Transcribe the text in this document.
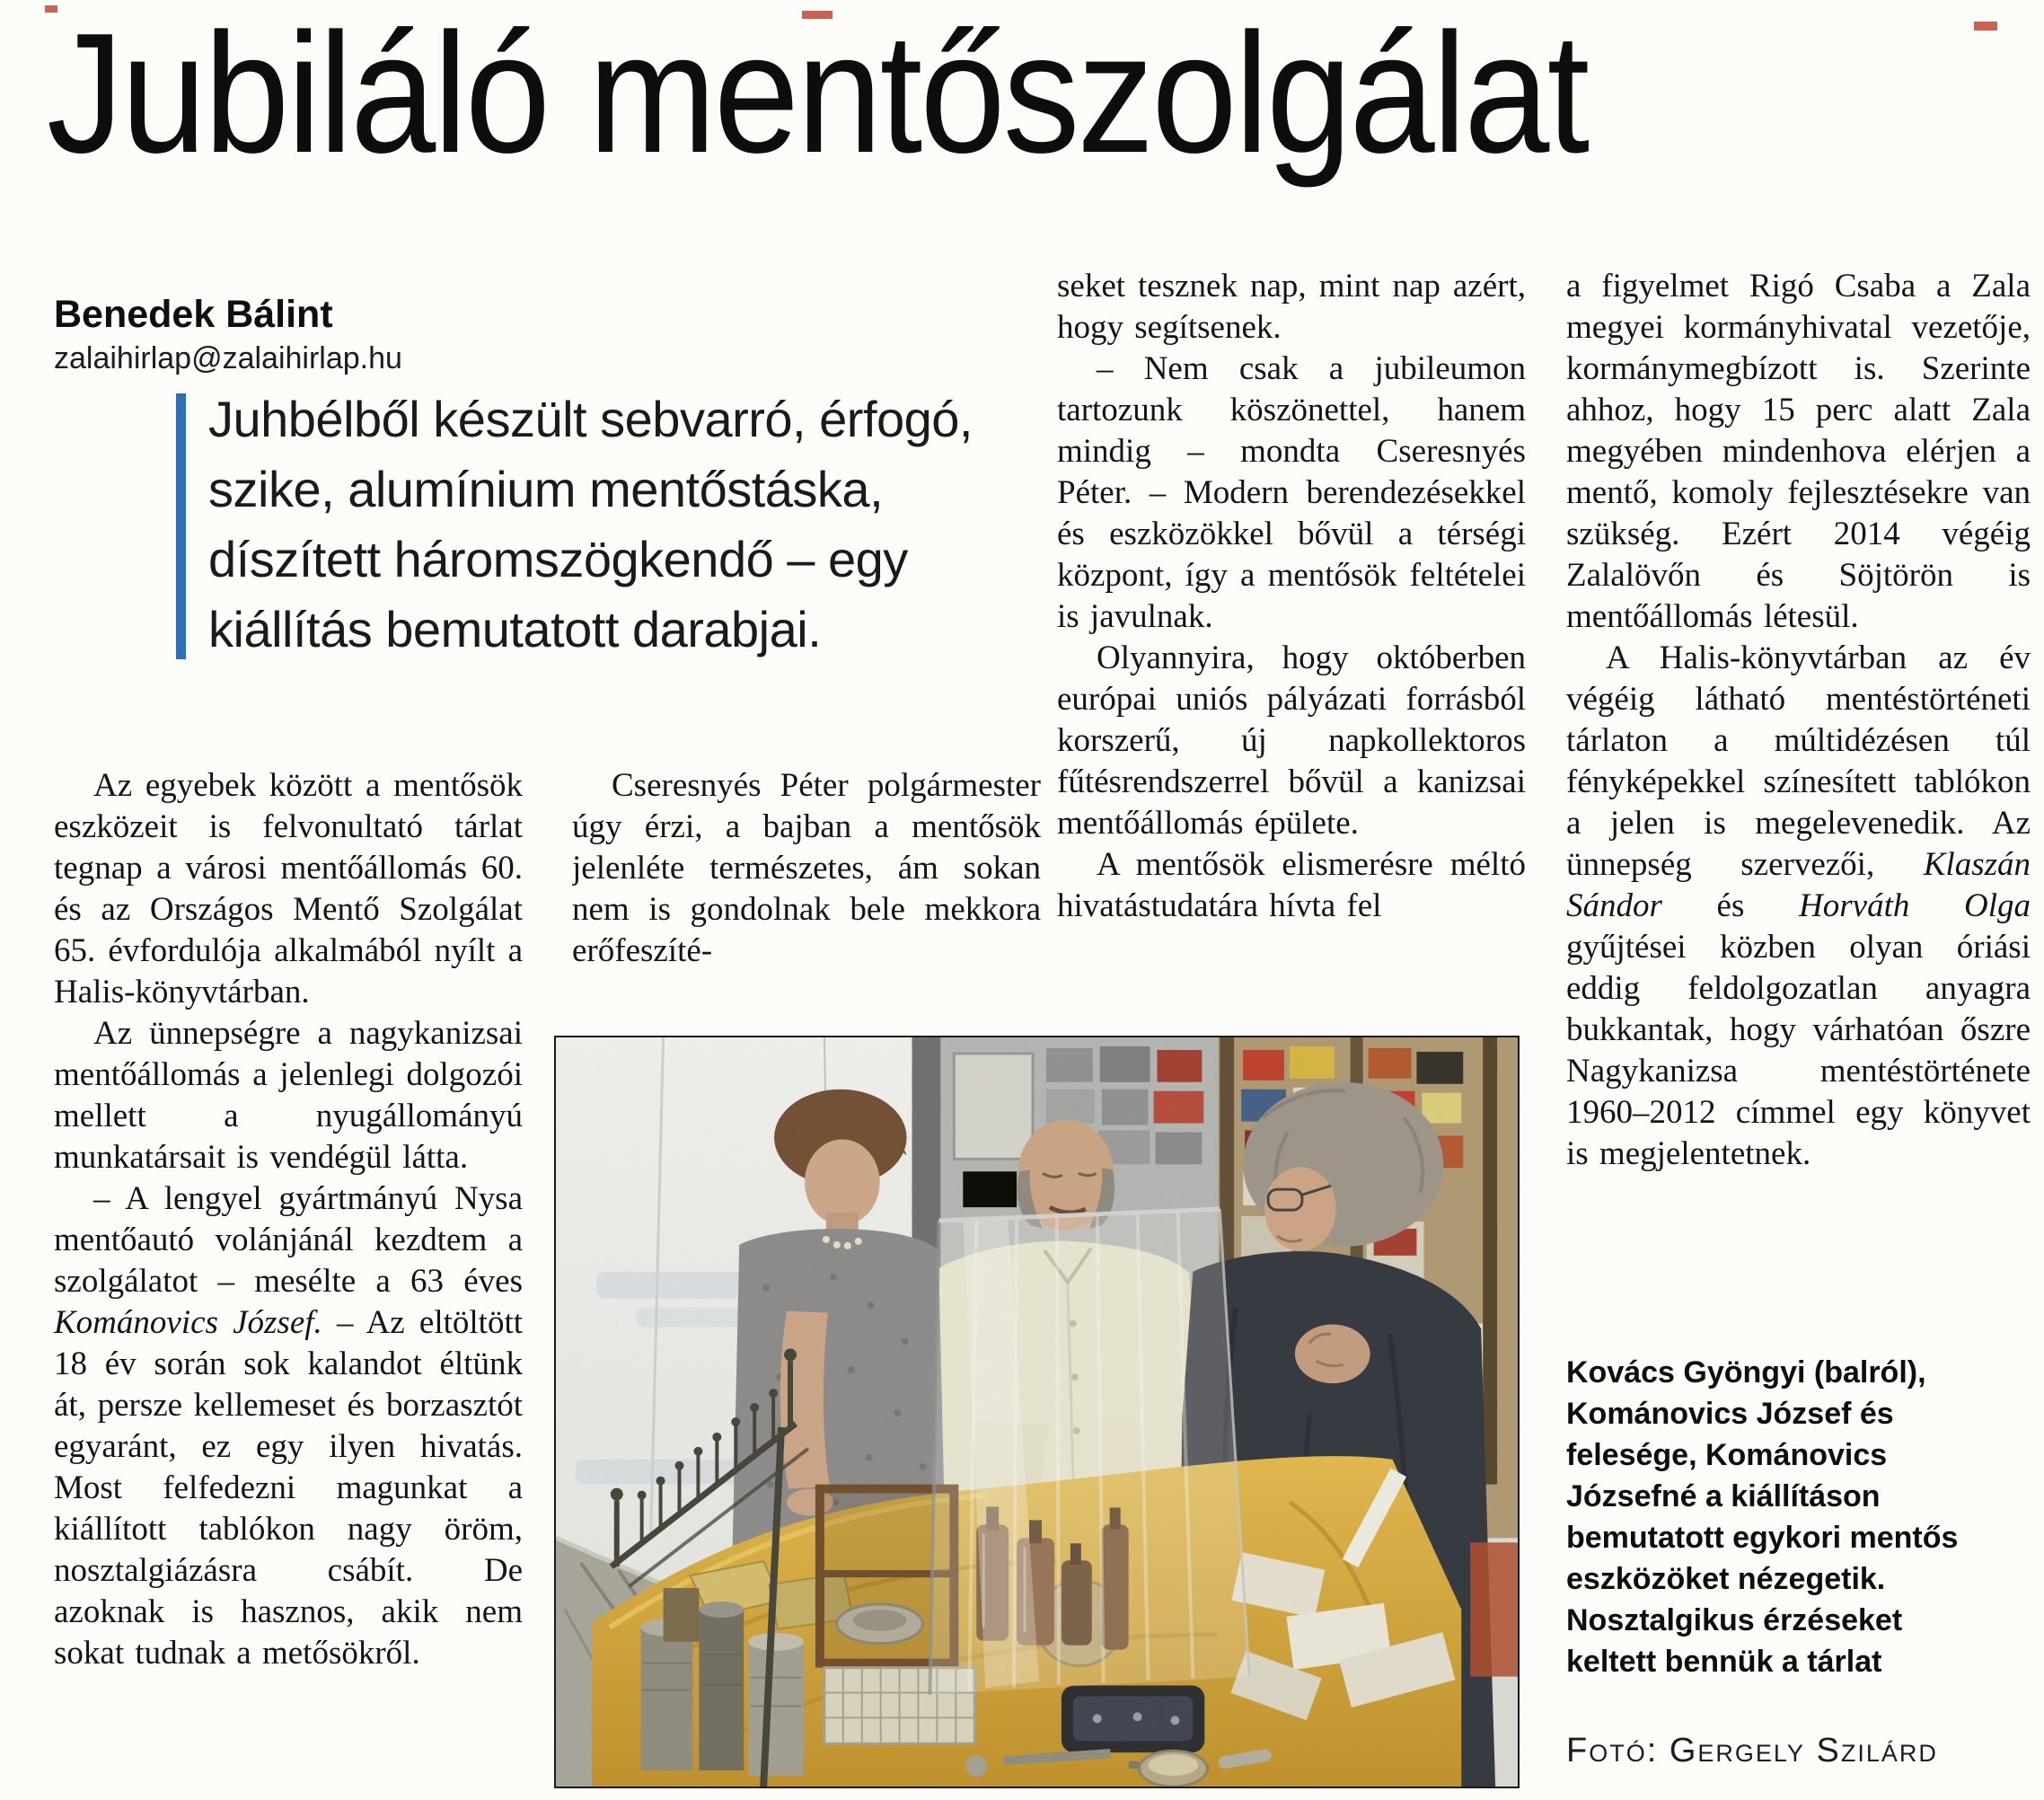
Jubiláló mentőszolgálat
Benedek Bálint
zalaihirlap@zalaihirlap.hu
Juhbélből készült sebvarró, érfogó, szike, alumínium mentőstáska, díszített háromszögkendő – egy kiállítás bemutatott darabjai.

Az egyebek között a mentősök eszközeit is felvonultató tárlat tegnap a városi mentőállomás 60. és az Országos Mentő Szolgálat 65. évfordulója alkalmából nyílt a Halis-könyvtárban.

Az ünnepségre a nagykanizsai mentőállomás a jelenlegi dolgozói mellett a nyugállományú munkatársait is vendégül látta.

– A lengyel gyártmányú Nysa mentőautó volánjánál kezdtem a szolgálatot – mesélte a 63 éves Kománovics József. – Az eltöltött 18 év során sok kalandot éltünk át, persze kellemeset és borzasztót egyaránt, ez egy ilyen hivatás. Most felfedezni magunkat a kiállított tablókon nagy öröm, nosztalgiázásra csábít. De azoknak is hasznos, akik nem sokat tudnak a metősökről.

Cseresnyés Péter polgármester úgy érzi, a bajban a mentősök jelenléte természetes, ám sokan nem is gondolnak bele mekkora erőfeszíté-

seket tesznek nap, mint nap azért, hogy segítsenek.

– Nem csak a jubileumon tartozunk köszönettel, hanem mindig – mondta Cseresnyés Péter. – Modern berendezésekkel és eszközökkel bővül a térségi központ, így a mentősök feltételei is javulnak.

Olyannyira, hogy októberben európai uniós pályázati forrásból korszerű, új napkollektoros fűtésrendszerrel bővül a kanizsai mentőállomás épülete.

A mentősök elismerésre méltó hivatástudatára hívta fel

a figyelmet Rigó Csaba a Zala megyei kormányhivatal vezetője, kormánymegbízott is. Szerinte ahhoz, hogy 15 perc alatt Zala megyében mindenhova elérjen a mentő, komoly fejlesztésekre van szükség. Ezért 2014 végéig Zalalövőn és Söjtörön is mentőállomás létesül.

A Halis-könyvtárban az év végéig látható mentéstörténeti tárlaton a múltidézésen túl fényképekkel színesített tablókon a jelen is megelevenedik. Az ünnepség szervezői, Klaszán Sándor és Horváth Olga gyűjtései közben olyan óriási eddig feldolgozatlan anyagra bukkantak, hogy várhatóan őszre Nagykanizsa mentéstörténete 1960–2012 címmel egy könyvet is megjelentetnek.

Kovács Gyöngyi (balról), Kománovics József és felesége, Kománovics Józsefné a kiállításon bemutatott egykori mentős eszközöket nézegetik. Nosztalgikus érzéseket keltett bennük a tárlat
Fotó: Gergely Szilárd
